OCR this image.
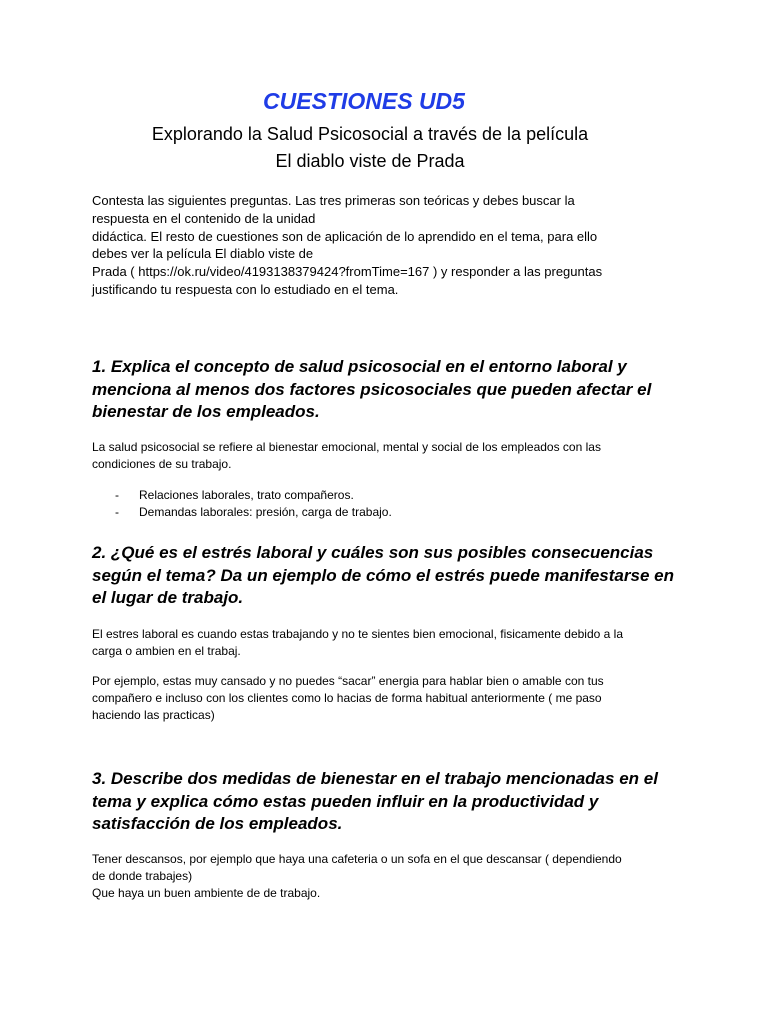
CUESTIONES UD5

Explorando la Salud Psicosocial a través de la película

El diablo viste de Prada

Contesta las siguientes preguntas. Las tres primeras son teóricas y debes buscar la
respuesta en el contenido de la unidad
didáctica. El resto de cuestiones son de aplicación de lo aprendido en el tema, para ello
debes ver la película El diablo viste de
Prada ( https://ok.ru/video/4193138379424?fromTime=167 ) y responder a las preguntas
justificando tu respuesta con lo estudiado en el tema.

1. Explica el concepto de salud psicosocial en el entorno laboral y
menciona al menos dos factores psicosociales que pueden afectar el
bienestar de los empleados.

La salud psicosocial se refiere al bienestar emocional, mental y social de los empleados con las
condiciones de su trabajo.

- Relaciones laborales, trato compañeros.
- Demandas laborales: presión, carga de trabajo.
2. ¿Qué es el estrés laboral y cuáles son sus posibles consecuencias
según el tema? Da un ejemplo de cómo el estrés puede manifestarse en
el lugar de trabajo.

El estres laboral es cuando estas trabajando y no te sientes bien emocional, fisicamente debido a la
carga o ambien en el trabaj.

Por ejemplo, estas muy cansado y no puedes “sacar” energia para hablar bien o amable con tus
compañero e incluso con los clientes como lo hacias de forma habitual anteriormente ( me paso
haciendo las practicas)

3. Describe dos medidas de bienestar en el trabajo mencionadas en el
tema y explica cómo estas pueden influir en la productividad y
satisfacción de los empleados.

Tener descansos, por ejemplo que haya una cafeteria o un sofa en el que descansar ( dependiendo
de donde trabajes)
Que haya un buen ambiente de de trabajo.
